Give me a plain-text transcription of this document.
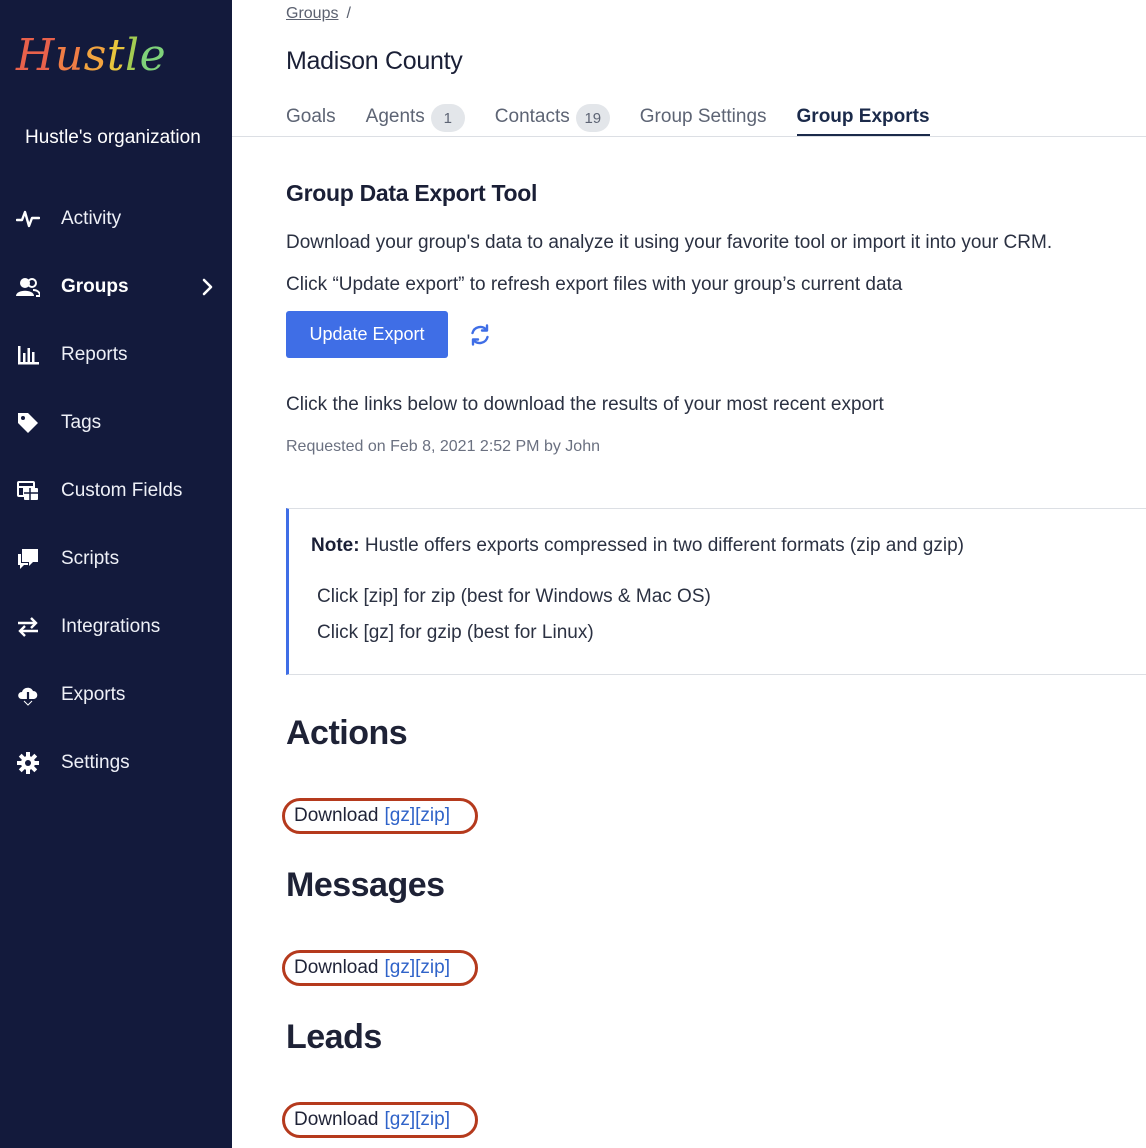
Hustle
Hustle's organization
Activity
Groups
Reports
Tags
Custom Fields
Scripts
Integrations
Exports
Settings
Groups /
Madison County
Goals Agents	1	Contacts 19	Group Settings Group Exports
Group Data Export Tool

Download your group's data to analyze it using your favorite tool or import it into your CRM.

Click “Update export” to refresh export files with your group’s current data

Update Export

Click the links below to download the results of your most recent export

Requested on Feb 8, 2021 2:52 PM by John

Note: Hustle offers exports compressed in two different formats (zip and gzip)

Click [zip] for zip (best for Windows & Mac OS)

Click [gz] for gzip (best for Linux)

Actions
Download [gz] [zip]
Messages
Download [gz] [zip]
Leads
Download [gz] [zip]
